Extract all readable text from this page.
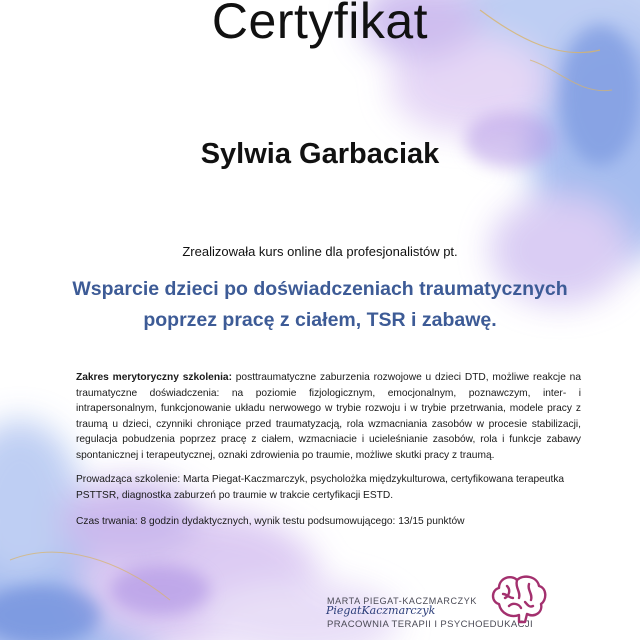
Certyfikat
Sylwia Garbaciak
Zrealizowała kurs online dla profesjonalistów pt.
Wsparcie dzieci po doświadczeniach traumatycznych
poprzez pracę z ciałem, TSR i zabawę.
Zakres merytoryczny szkolenia: posttraumatyczne zaburzenia rozwojowe u dzieci DTD, możliwe reakcje na traumatyczne doświadczenia: na poziomie fizjologicznym, emocjonalnym, poznawczym, inter- i intrapersonalnym, funkcjonowanie układu nerwowego w trybie rozwoju i w trybie przetrwania, modele pracy z traumą u dzieci, czynniki chroniące przed traumatyzacją, rola wzmacniania zasobów w procesie stabilizacji, regulacja pobudzenia poprzez pracę z ciałem, wzmacniacie i ucieleśnianie zasobów, rola i funkcje zabawy spontanicznej i terapeutycznej, oznaki zdrowienia po traumie, możliwe skutki pracy z traumą.
Prowadząca szkolenie: Marta Piegat-Kaczmarczyk, psycholożka międzykulturowa, certyfikowana terapeutka PSTTSR, diagnostka zaburzeń po traumie w trakcie certyfikacji ESTD.
Czas trwania: 8 godzin dydaktycznych, wynik testu podsumowującego: 13/15 punktów
MARTA PIEGAT-KACZMARCZYK
PiegatKaczmarczyk
PRACOWNIA TERAPII I PSYCHOEDUKACJI
